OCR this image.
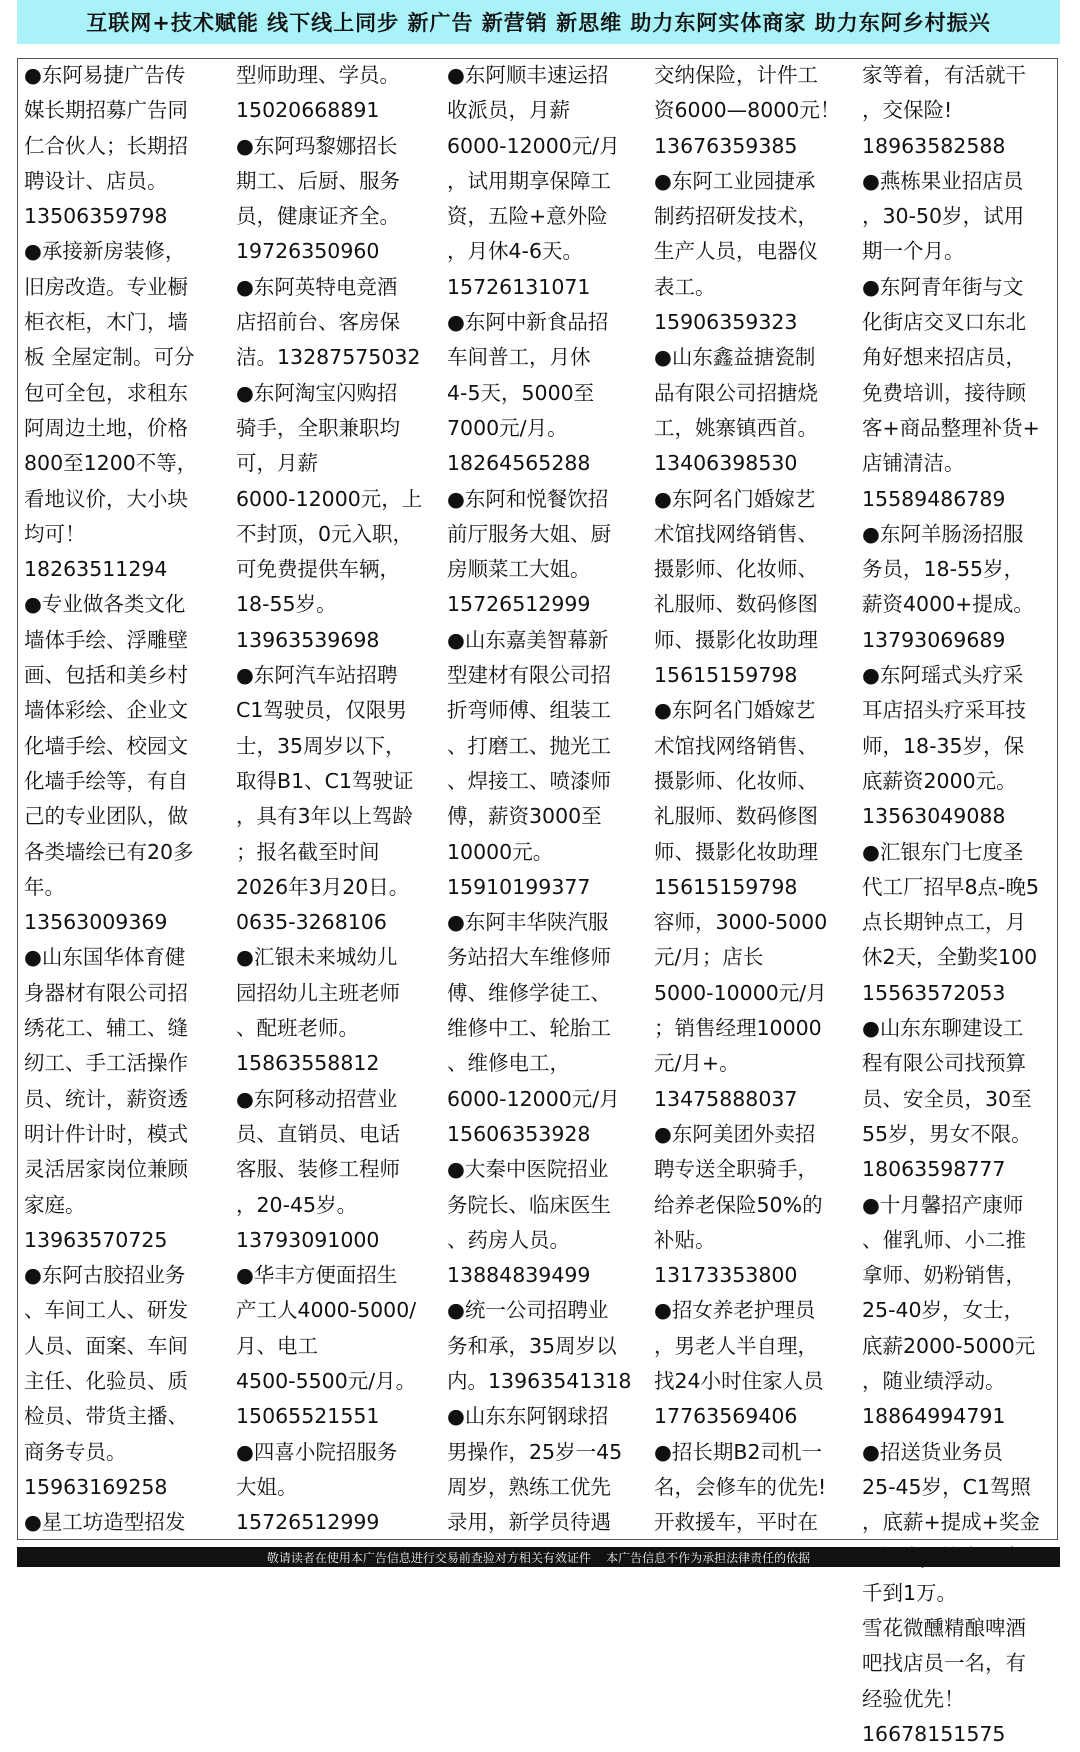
互联网+技术赋能 线下线上同步 新广告 新营销 新思维 助力东阿实体商家 助力东阿乡村振兴

●东阿易捷广告传
媒长期招募广告同
仁合伙人；长期招
聘设计、店员。
13506359798
●承接新房装修，
旧房改造。专业橱
柜衣柜，木门，墙
板 全屋定制。可分
包可全包，求租东
阿周边土地，价格
800至1200不等，
看地议价，大小块
均可！
18263511294
●专业做各类文化
墙体手绘、浮雕壁
画、包括和美乡村
墙体彩绘、企业文
化墙手绘、校园文
化墙手绘等，有自
己的专业团队，做
各类墙绘已有20多
年。
13563009369
●山东国华体育健
身器材有限公司招
绣花工、辅工、缝
纫工、手工活操作
员、统计，薪资透
明计件计时，模式
灵活居家岗位兼顾
家庭。
13963570725
●东阿古胶招业务
、车间工人、研发
人员、面案、车间
主任、化验员、质
检员、带货主播、
商务专员。
15963169258
●星工坊造型招发

型师助理、学员。
15020668891
●东阿玛黎娜招长
期工、后厨、服务
员，健康证齐全。
19726350960
●东阿英特电竞酒
店招前台、客房保
洁。13287575032
●东阿淘宝闪购招
骑手，全职兼职均
可，月薪
6000-12000元，上
不封顶，0元入职，
可免费提供车辆，
18-55岁。
13963539698
●东阿汽车站招聘
C1驾驶员，仅限男
士，35周岁以下，
取得B1、C1驾驶证
，具有3年以上驾龄
；报名截至时间
2026年3月20日。
0635-3268106
●汇银未来城幼儿
园招幼儿主班老师
、配班老师。
15863558812
●东阿移动招营业
员、直销员、电话
客服、装修工程师
，20-45岁。
13793091000
●华丰方便面招生
产工人4000-5000/
月、电工
4500-5500元/月。
15065521551
●四喜小院招服务
大姐。
15726512999

●东阿顺丰速运招
收派员，月薪
6000-12000元/月
，试用期享保障工
资，五险+意外险
，月休4-6天。
15726131071
●东阿中新食品招
车间普工，月休
4-5天，5000至
7000元/月。
18264565288
●东阿和悦餐饮招
前厅服务大姐、厨
房顺菜工大姐。
15726512999
●山东嘉美智幕新
型建材有限公司招
折弯师傅、组装工
、打磨工、抛光工
、焊接工、喷漆师
傅，薪资3000至
10000元。
15910199377
●东阿丰华陕汽服
务站招大车维修师
傅、维修学徒工、
维修中工、轮胎工
、维修电工，
6000-12000元/月
15606353928
●大秦中医院招业
务院长、临床医生
、药房人员。
13884839499
●统一公司招聘业
务和承，35周岁以
内。13963541318
●山东东阿钢球招
男操作，25岁一45
周岁，熟练工优先
录用，新学员待遇

交纳保险，计件工
资6000—8000元！
13676359385
●东阿工业园捷承
制药招研发技术，
生产人员，电器仪
表工。
15906359323
●山东鑫益搪瓷制
品有限公司招搪烧
工，姚寨镇西首。
13406398530
●东阿名门婚嫁艺
术馆找网络销售、
摄影师、化妆师、
礼服师、数码修图
师、摄影化妆助理
15615159798
●东阿名门婚嫁艺
术馆找网络销售、
摄影师、化妆师、
礼服师、数码修图
师、摄影化妆助理
15615159798
容师，3000-5000
元/月；店长
5000-10000元/月
；销售经理10000
元/月+。
13475888037
●东阿美团外卖招
聘专送全职骑手，
给养老保险50%的
补贴。
13173353800
●招女养老护理员
，男老人半自理，
找24小时住家人员
17763569406
●招长期B2司机一
名，会修车的优先!
开救援车，平时在

家等着，有活就干
，交保险!
18963582588
●燕栋果业招店员
，30-50岁，试用
期一个月。
●东阿青年街与文
化街店交叉口东北
角好想来招店员，
免费培训，接待顾
客+商品整理补货+
店铺清洁。
15589486789
●东阿羊肠汤招服
务员，18-55岁，
薪资4000+提成。
13793069689
●东阿瑶式头疗采
耳店招头疗采耳技
师，18-35岁，保
底薪资2000元。
13563049088
●汇银东门七度圣
代工厂招早8点-晚5
点长期钟点工，月
休2天，全勤奖100
15563572053
●山东东聊建设工
程有限公司找预算
员、安全员，30至
55岁，男女不限。
18063598777
●十月馨招产康师
、催乳师、小二推
拿师、奶粉销售，
25-40岁，女士，
底薪2000-5000元
，随业绩浮动。
18864994791
●招送货业务员
25-45岁，C1驾照
，底薪+提成+奖金

千到1万。
雪花微醺精酿啤酒
吧找店员一名，有
经验优先！
16678151575

敬请读者在使用本广告信息进行交易前查验对方相关有效证件    本广告信息不作为承担法律责任的依据
